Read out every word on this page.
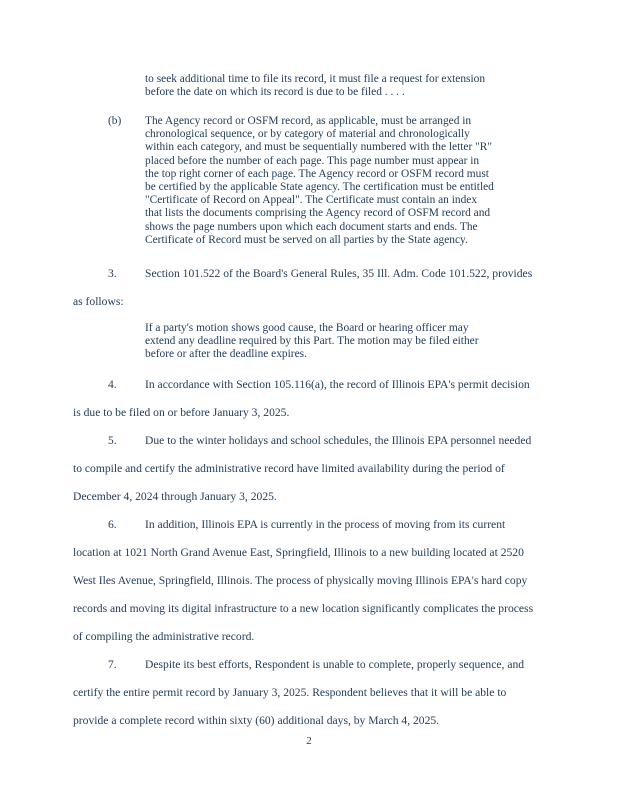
to seek additional time to file its record, it must file a request for extension
before the date on which its record is due to be filed . . . .
(b) The Agency record or OSFM record, as applicable, must be arranged in
chronological sequence, or by category of material and chronologically
within each category, and must be sequentially numbered with the letter "R"
placed before the number of each page. This page number must appear in
the top right corner of each page. The Agency record or OSFM record must
be certified by the applicable State agency. The certification must be entitled
"Certificate of Record on Appeal". The Certificate must contain an index
that lists the documents comprising the Agency record of OSFM record and
shows the page numbers upon which each document starts and ends. The
Certificate of Record must be served on all parties by the State agency.
3. Section 101.522 of the Board's General Rules, 35 Ill. Adm. Code 101.522, provides
as follows:
If a party's motion shows good cause, the Board or hearing officer may
extend any deadline required by this Part. The motion may be filed either
before or after the deadline expires.
4. In accordance with Section 105.116(a), the record of Illinois EPA's permit decision
is due to be filed on or before January 3, 2025.
5. Due to the winter holidays and school schedules, the Illinois EPA personnel needed
to compile and certify the administrative record have limited availability during the period of
December 4, 2024 through January 3, 2025.
6. In addition, Illinois EPA is currently in the process of moving from its current
location at 1021 North Grand Avenue East, Springfield, Illinois to a new building located at 2520
West Iles Avenue, Springfield, Illinois. The process of physically moving Illinois EPA's hard copy
records and moving its digital infrastructure to a new location significantly complicates the process
of compiling the administrative record.
7. Despite its best efforts, Respondent is unable to complete, properly sequence, and
certify the entire permit record by January 3, 2025. Respondent believes that it will be able to
provide a complete record within sixty (60) additional days, by March 4, 2025.
2
